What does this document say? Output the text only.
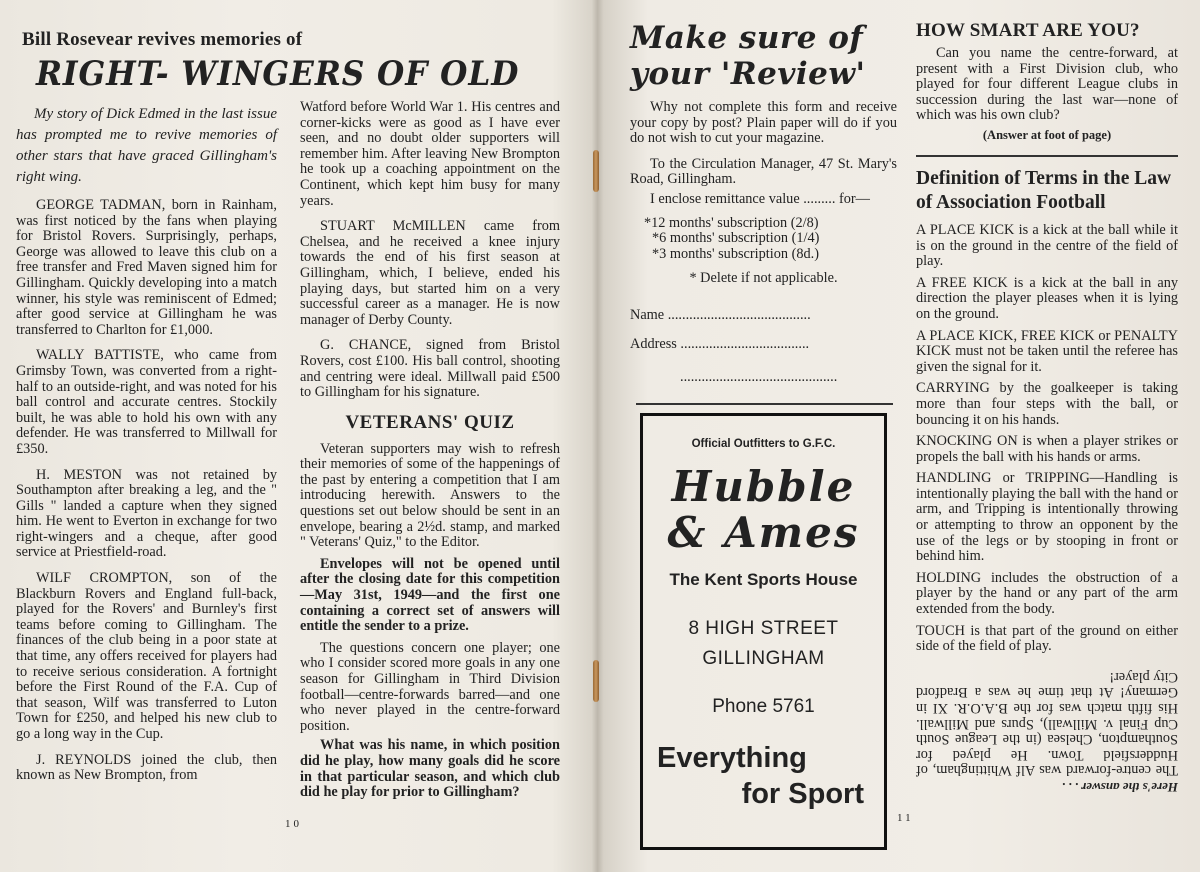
Bill Rosevear revives memories of
RIGHT- WINGERS OF OLD

My story of Dick Edmed in the last issue has prompted me to revive memories of other stars that have graced Gillingham's right wing.

GEORGE TADMAN, born in Rainham, was first noticed by the fans when playing for Bristol Rovers. Surprisingly, perhaps, George was allowed to leave this club on a free transfer and Fred Maven signed him for Gillingham. Quickly developing into a match winner, his style was reminiscent of Edmed; after good service at Gillingham he was transferred to Charlton for £1,000.

WALLY BATTISTE, who came from Grimsby Town, was converted from a right-half to an outside-right, and was noted for his ball control and accurate centres. Stockily built, he was able to hold his own with any defender. He was transferred to Millwall for £350.

H. MESTON was not retained by Southampton after breaking a leg, and the " Gills " landed a capture when they signed him. He went to Everton in exchange for two right-wingers and a cheque, after good service at Priestfield-road.

WILF CROMPTON, son of the Blackburn Rovers and England full-back, played for the Rovers' and Burnley's first teams before coming to Gillingham. The finances of the club being in a poor state at that time, any offers received for players had to receive serious consideration. A fortnight before the First Round of the F.A. Cup of that season, Wilf was transferred to Luton Town for £250, and helped his new club to go a long way in the Cup.

J. REYNOLDS joined the club, then known as New Brompton, from

Watford before World War 1. His centres and corner-kicks were as good as I have ever seen, and no doubt older supporters will remember him. After leaving New Brompton he took up a coaching appointment on the Continent, which kept him busy for many years.

STUART McMILLEN came from Chelsea, and he received a knee injury towards the end of his first season at Gillingham, which, I believe, ended his playing days, but started him on a very successful career as a manager. He is now manager of Derby County.

G. CHANCE, signed from Bristol Rovers, cost £100. His ball control, shooting and centring were ideal. Millwall paid £500 to Gillingham for his signature.

VETERANS' QUIZ

Veteran supporters may wish to refresh their memories of some of the happenings of the past by entering a competition that I am introducing herewith. Answers to the questions set out below should be sent in an envelope, bearing a 2½d. stamp, and marked " Veterans' Quiz," to the Editor.

Envelopes will not be opened until after the closing date for this competition—May 31st, 1949—and the first one containing a correct set of answers will entitle the sender to a prize.

The questions concern one player; one who I consider scored more goals in any one season for Gillingham in Third Division football—centre-forwards barred—and one who never played in the centre-forward position.

What was his name, in which position did he play, how many goals did he score in that particular season, and which club did he play for prior to Gillingham?

10
Make sure of
your 'Review'

Why not complete this form and receive your copy by post? Plain paper will do if you do not wish to cut your magazine.

To the Circulation Manager, 47 St. Mary's Road, Gillingham.

I enclose remittance value ......... for—

*12 months' subscription (2/8)
*6 months' subscription (1/4)
*3 months' subscription (8d.)
* Delete if not applicable.
Name ........................................
Address ....................................
............................................
Official Outfitters to G.F.C.
Hubble
& Ames
The Kent Sports House
8 HIGH STREET
GILLINGHAM
Phone 5761
Everything
for Sport
HOW SMART ARE YOU?

Can you name the centre-forward, at present with a First Division club, who played for four different League clubs in succession during the last war—none of which was his own club?

(Answer at foot of page)
Definition of Terms in the Law of Association Football

A PLACE KICK is a kick at the ball while it is on the ground in the centre of the field of play.

A FREE KICK is a kick at the ball in any direction the player pleases when it is lying on the ground.

A PLACE KICK, FREE KICK or PENALTY KICK must not be taken until the referee has given the signal for it.

CARRYING by the goalkeeper is taking more than four steps with the ball, or bouncing it on his hands.

KNOCKING ON is when a player strikes or propels the ball with his hands or arms.

HANDLING or TRIPPING—Handling is intentionally playing the ball with the hand or arm, and Tripping is intentionally throwing or attempting to throw an opponent by the use of the legs or by stooping in front or behind him.

HOLDING includes the obstruction of a player by the hand or any part of the arm extended from the body.

TOUCH is that part of the ground on either side of the field of play.

Here's the answer . . .
The centre-forward was Alf Whittingham, of Huddersfield Town. He played for Southampton, Chelsea (in the League South Cup Final v. Millwall), Spurs and Millwall. His fifth match was for the B.A.O.R. XI in Germany! At that time he was a Bradford City player!
11
